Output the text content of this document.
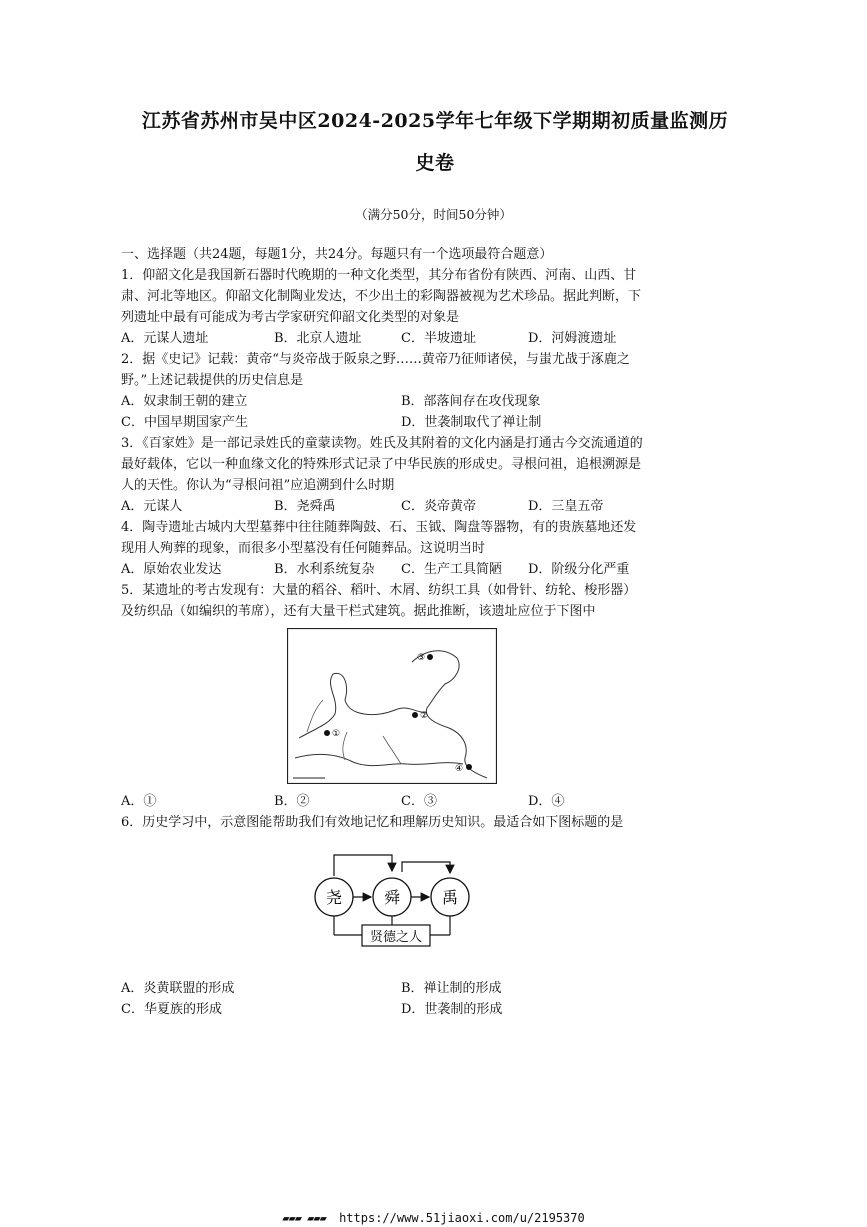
江苏省苏州市吴中区2024-2025学年七年级下学期期初质量监测历
史卷
（满分50分，时间50分钟）
一、选择题（共24题，每题1分，共24分。每题只有一个选项最符合题意）
1．仰韶文化是我国新石器时代晚期的一种文化类型，其分布省份有陕西、河南、山西、甘
肃、河北等地区。仰韶文化制陶业发达，不少出土的彩陶器被视为艺术珍品。据此判断，下
列遗址中最有可能成为考古学家研究仰韶文化类型的对象是
A．元谋人遗址	B．北京人遗址	C．半坡遗址	D．河姆渡遗址
2．据《史记》记载：黄帝“与炎帝战于阪泉之野……黄帝乃征师诸侯，与蚩尤战于涿鹿之
野。”上述记载提供的历史信息是
A．奴隶制王朝的建立	B．部落间存在攻伐现象
C．中国早期国家产生	D．世袭制取代了禅让制
3．《百家姓》是一部记录姓氏的童蒙读物。姓氏及其附着的文化内涵是打通古今交流通道的
最好载体，它以一种血缘文化的特殊形式记录了中华民族的形成史。寻根问祖，追根溯源是
人的天性。你认为“寻根问祖”应追溯到什么时期
A．元谋人	B．尧舜禹	C．炎帝黄帝	D．三皇五帝
4．陶寺遗址古城内大型墓葬中往往随葬陶鼓、石、玉钺、陶盘等器物，有的贵族墓地还发
现用人殉葬的现象，而很多小型墓没有任何随葬品。这说明当时
A．原始农业发达	B．水利系统复杂 C．生产工具简陋 D．阶级分化严重
5．某遗址的考古发现有：大量的稻谷、稻叶、木屑、纺织工具（如骨针、纺轮、梭形器）
及纺织品（如编织的苇席），还有大量干栏式建筑。据此推断，该遗址应位于下图中
①
②
③
④
A．①	B．②	C．③	D．④
6．历史学习中，示意图能帮助我们有效地记忆和理解历史知识。最适合如下图标题的是
尧	舜	禹
贤德之人
A．炎黄联盟的形成	B．禅让制的形成
C．华夏族的形成	D．世袭制的形成
▰▰▰ ▰▰▰ https://www.51jiaoxi.com/u/2195370
